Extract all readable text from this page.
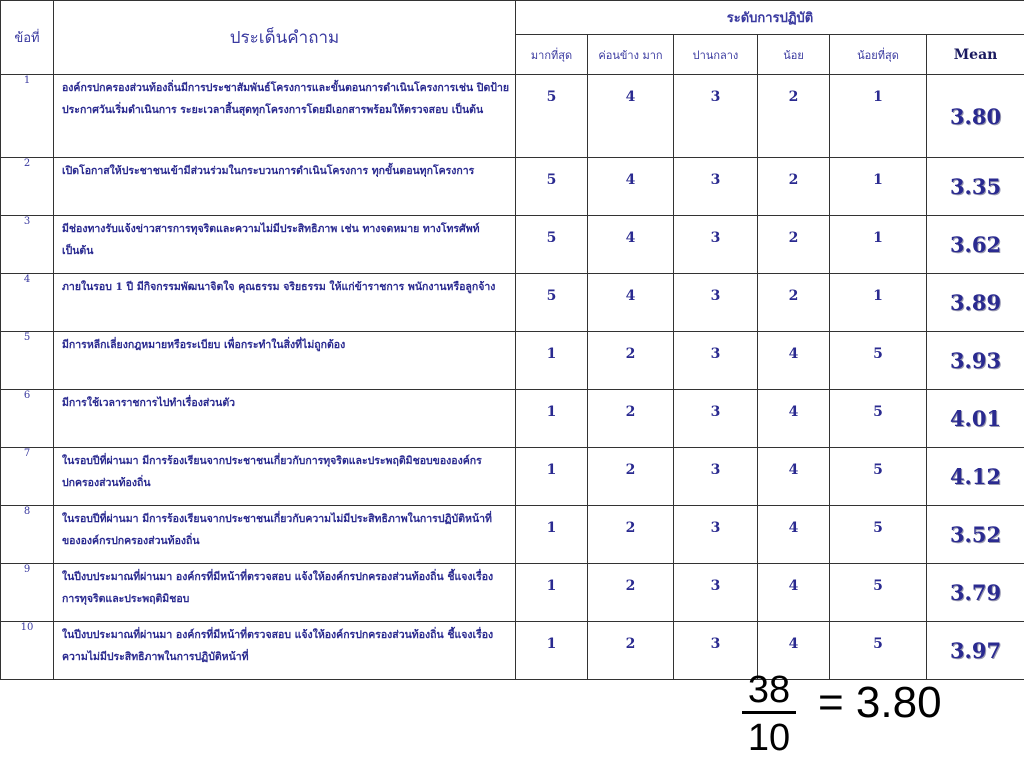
ข้อที่	ประเด็นคำถาม	ระดับการปฏิบัติ					
		มากที่สุด	ค่อนข้าง มาก	ปานกลาง	น้อย	น้อยที่สุด	Mean
1	องค์กรปกครองส่วนท้องถิ่นมีการประชาสัมพันธ์โครงการและขั้นตอนการดำเนินโครงการเช่น ปิดป้ายประกาศวันเริ่มดำเนินการ ระยะเวลาสิ้นสุดทุกโครงการโดยมีเอกสารพร้อมให้ตรวจสอบ เป็นต้น	5	4	3	2	1	3.80
2	เปิดโอกาสให้ประชาชนเข้ามีส่วนร่วมในกระบวนการดำเนินโครงการ ทุกขั้นตอนทุกโครงการ	5	4	3	2	1	3.35
3	มีช่องทางรับแจ้งข่าวสารการทุจริตและความไม่มีประสิทธิภาพ เช่น ทางจดหมาย ทางโทรศัพท์ เป็นต้น	5	4	3	2	1	3.62
4	ภายในรอบ 1 ปี มีกิจกรรมพัฒนาจิตใจ คุณธรรม จริยธรรม ให้แก่ข้าราชการ พนักงานหรือลูกจ้าง	5	4	3	2	1	3.89
5	มีการหลีกเลี่ยงกฎหมายหรือระเบียบ เพื่อกระทำในสิ่งที่ไม่ถูกต้อง	1	2	3	4	5	3.93
6	มีการใช้เวลาราชการไปทำเรื่องส่วนตัว	1	2	3	4	5	4.01
7	ในรอบปีที่ผ่านมา มีการร้องเรียนจากประชาชนเกี่ยวกับการทุจริตและประพฤติมิชอบขององค์กรปกครองส่วนท้องถิ่น	1	2	3	4	5	4.12
8	ในรอบปีที่ผ่านมา มีการร้องเรียนจากประชาชนเกี่ยวกับความไม่มีประสิทธิภาพในการปฏิบัติหน้าที่ขององค์กรปกครองส่วนท้องถิ่น	1	2	3	4	5	3.52
9	ในปีงบประมาณที่ผ่านมา องค์กรที่มีหน้าที่ตรวจสอบ แจ้งให้องค์กรปกครองส่วนท้องถิ่น ชี้แจงเรื่องการทุจริตและประพฤติมิชอบ	1	2	3	4	5	3.79
10	ในปีงบประมาณที่ผ่านมา องค์กรที่มีหน้าที่ตรวจสอบ แจ้งให้องค์กรปกครองส่วนท้องถิ่น ชี้แจงเรื่องความไม่มีประสิทธิภาพในการปฏิบัติหน้าที่	1	2	3	4	5	3.97
38
10
= 3.80
